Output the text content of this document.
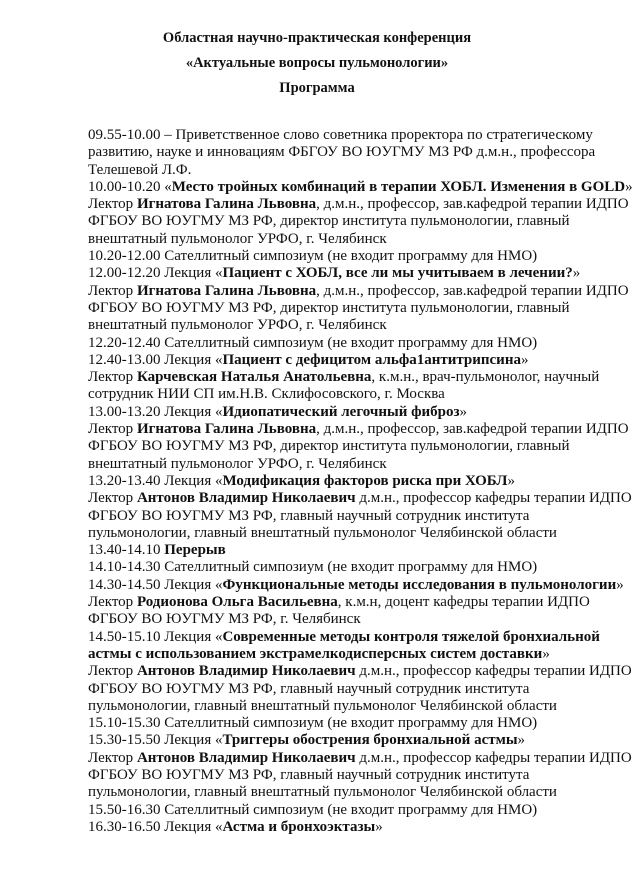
Областная научно-практическая конференция
«Актуальные вопросы пульмонологии»
Программа
09.55-10.00 – Приветственное слово советника проректора по стратегическому
развитию, науке и инновациям ФБГОУ ВО ЮУГМУ МЗ РФ д.м.н., профессора
Телешевой Л.Ф.
10.00-10.20 «Место тройных комбинаций в терапии ХОБЛ. Изменения в GOLD»
Лектор Игнатова Галина Львовна, д.м.н., профессор, зав.кафедрой терапии ИДПО
ФГБОУ ВО ЮУГМУ МЗ РФ, директор института пульмонологии, главный
внештатный пульмонолог УРФО, г. Челябинск
10.20-12.00 Сателлитный симпозиум (не входит программу для НМО)
12.00-12.20 Лекция «Пациент с ХОБЛ, все ли мы учитываем в лечении?»
Лектор Игнатова Галина Львовна, д.м.н., профессор, зав.кафедрой терапии ИДПО
ФГБОУ ВО ЮУГМУ МЗ РФ, директор института пульмонологии, главный
внештатный пульмонолог УРФО, г. Челябинск
12.20-12.40 Сателлитный симпозиум (не входит программу для НМО)
12.40-13.00 Лекция «Пациент с дефицитом альфа1антитрипсина»
Лектор Карчевская Наталья Анатольевна, к.м.н., врач-пульмонолог, научный
сотрудник НИИ СП им.Н.В. Склифосовского, г. Москва
13.00-13.20 Лекция «Идиопатический легочный фиброз»
Лектор Игнатова Галина Львовна, д.м.н., профессор, зав.кафедрой терапии ИДПО
ФГБОУ ВО ЮУГМУ МЗ РФ, директор института пульмонологии, главный
внештатный пульмонолог УРФО, г. Челябинск
13.20-13.40 Лекция «Модификация факторов риска при ХОБЛ»
Лектор Антонов Владимир Николаевич д.м.н., профессор кафедры терапии ИДПО
ФГБОУ ВО ЮУГМУ МЗ РФ, главный научный сотрудник института
пульмонологии, главный внештатный пульмонолог Челябинской области
13.40-14.10 Перерыв
14.10-14.30 Сателлитный симпозиум (не входит программу для НМО)
14.30-14.50 Лекция «Функциональные методы исследования в пульмонологии»
Лектор Родионова Ольга Васильевна, к.м.н, доцент кафедры терапии ИДПО
ФГБОУ ВО ЮУГМУ МЗ РФ, г. Челябинск
14.50-15.10 Лекция «Современные методы контроля тяжелой бронхиальной
астмы с использованием экстрамелкодисперсных систем доставки»
Лектор Антонов Владимир Николаевич д.м.н., профессор кафедры терапии ИДПО
ФГБОУ ВО ЮУГМУ МЗ РФ, главный научный сотрудник института
пульмонологии, главный внештатный пульмонолог Челябинской области
15.10-15.30 Сателлитный симпозиум (не входит программу для НМО)
15.30-15.50 Лекция «Триггеры обострения бронхиальной астмы»
Лектор Антонов Владимир Николаевич д.м.н., профессор кафедры терапии ИДПО
ФГБОУ ВО ЮУГМУ МЗ РФ, главный научный сотрудник института
пульмонологии, главный внештатный пульмонолог Челябинской области
15.50-16.30 Сателлитный симпозиум (не входит программу для НМО)
16.30-16.50 Лекция «Астма и бронхоэктазы»
